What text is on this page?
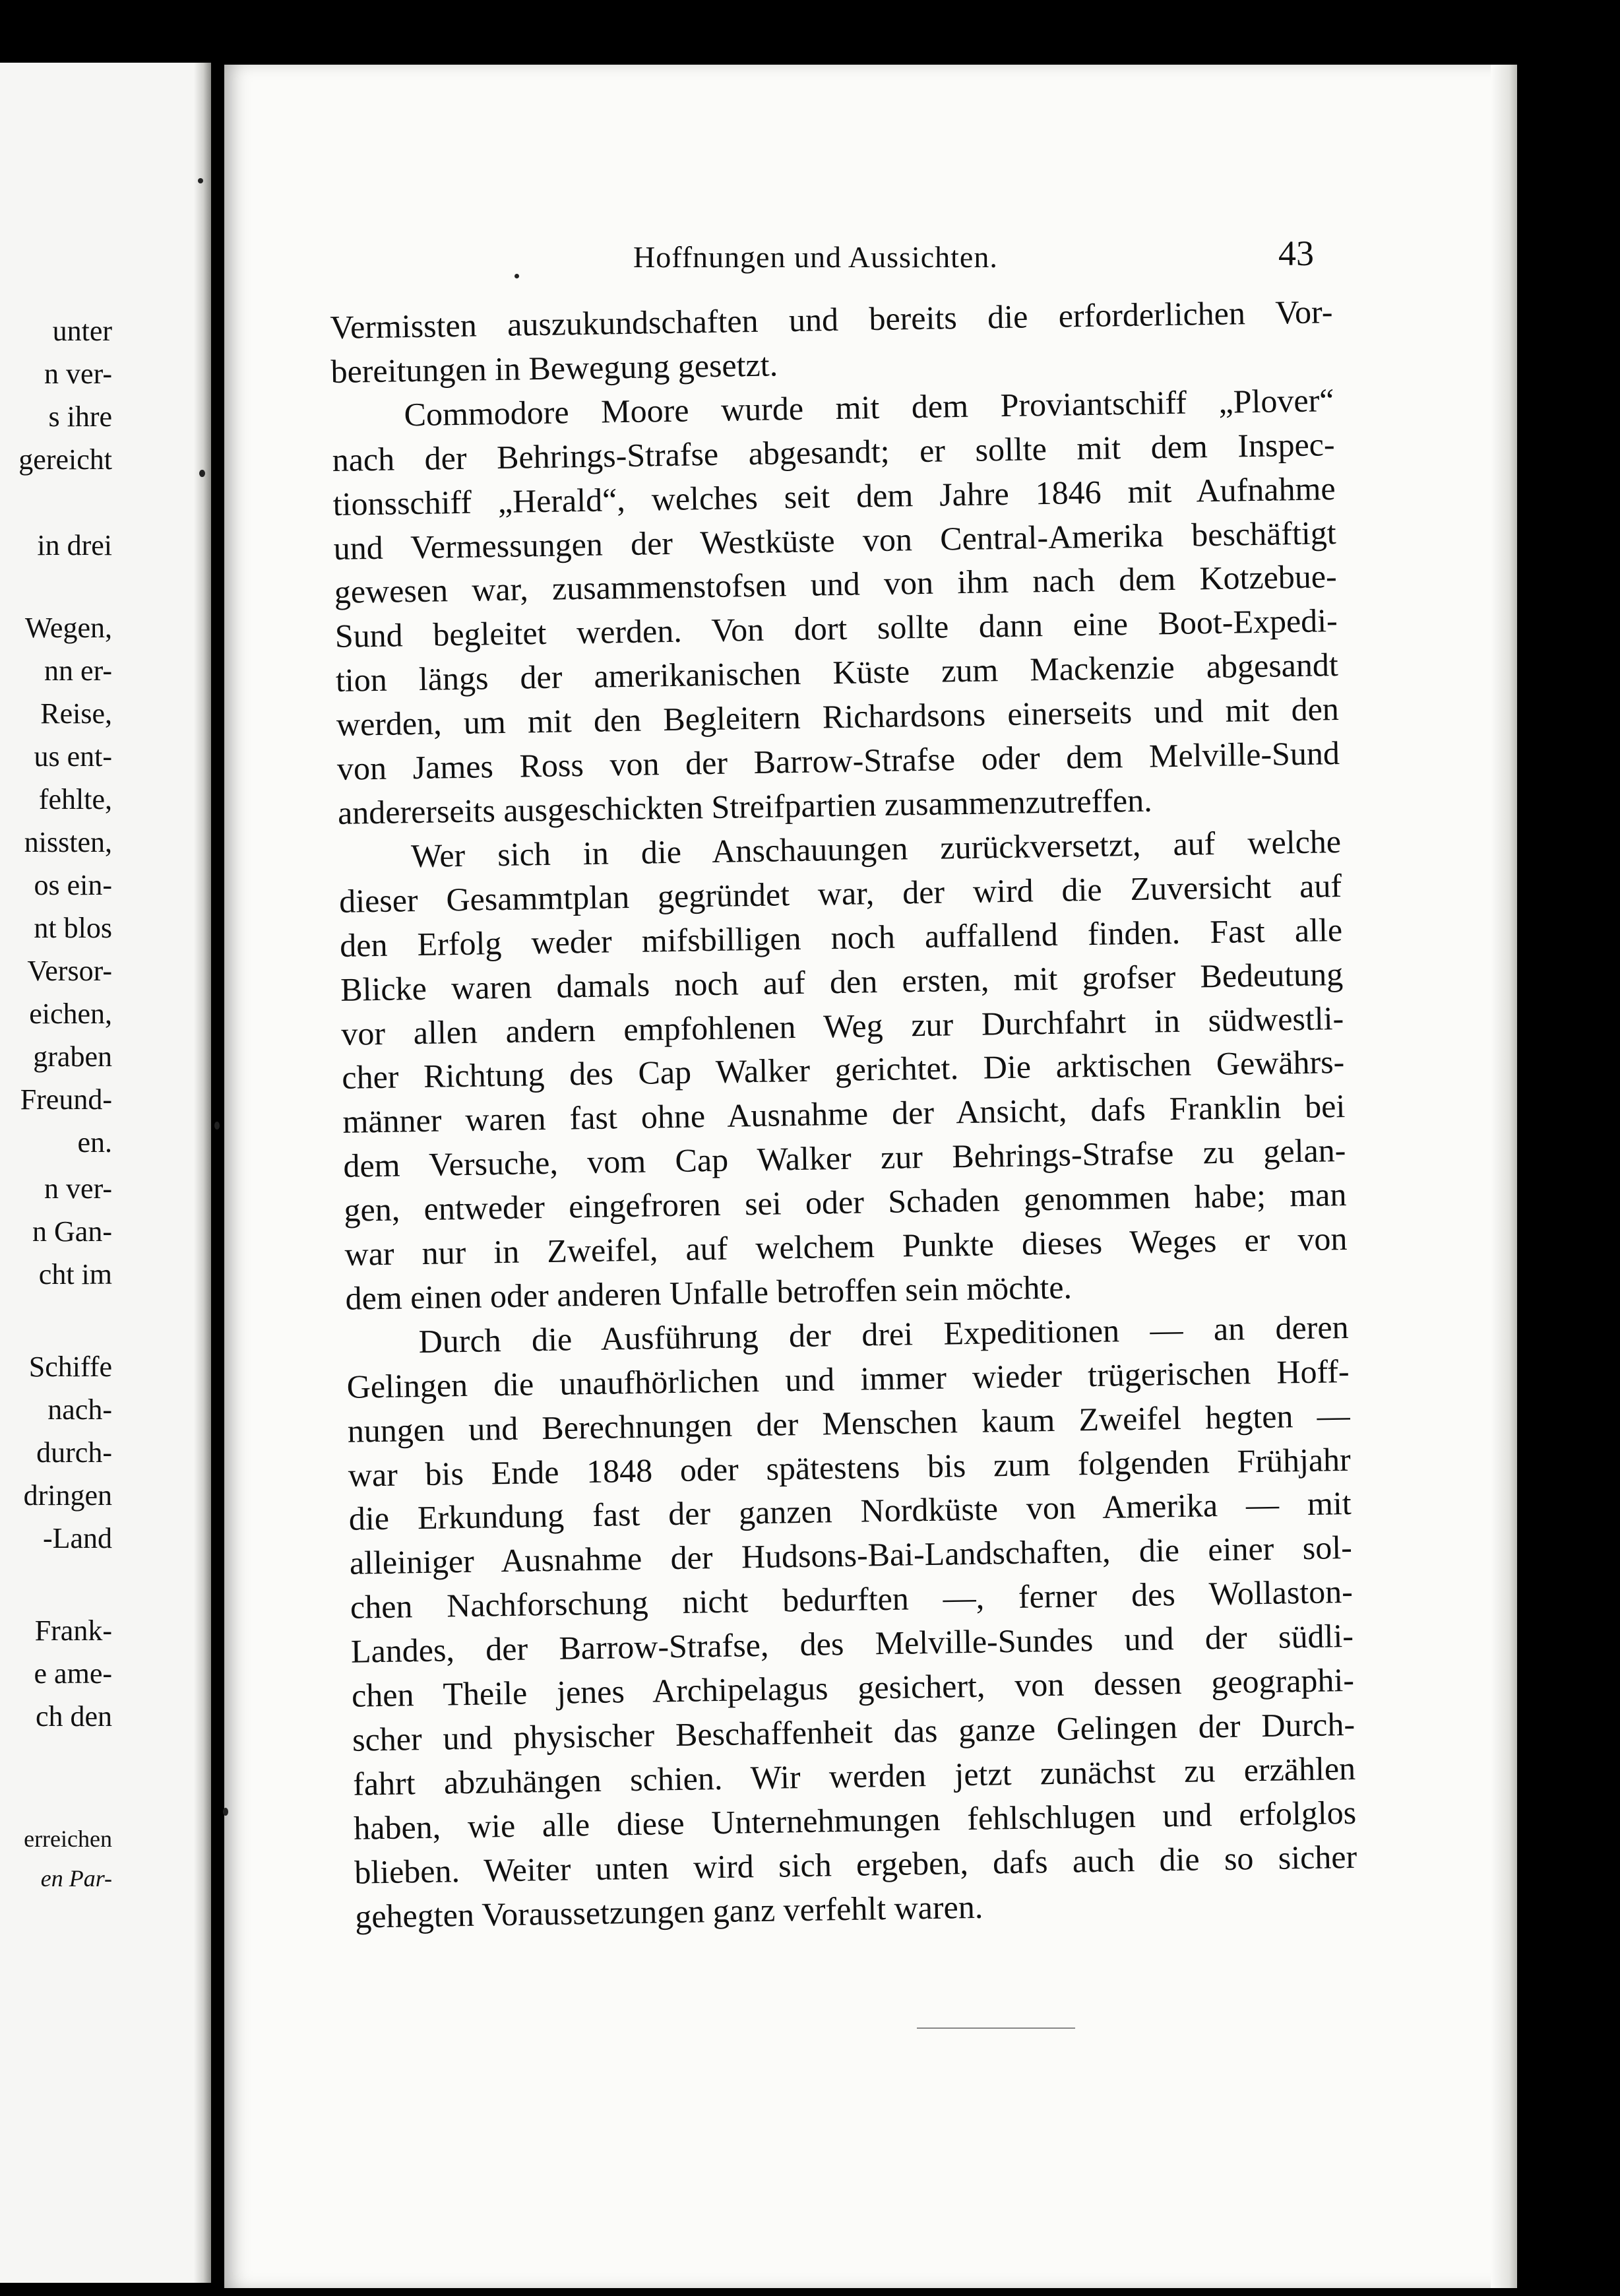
unter
n ver-
s ihre
gereicht
in drei
Wegen,
nn er-
Reise,
us ent-
fehlte,
nissten,
os ein-
nt blos
Versor-
eichen,
graben
Freund-
en.
n ver-
n Gan-
cht im
Schiffe
nach-
durch-
dringen
-Land
Frank-
e ame-
ch den
erreichen
en Par-
Hoffnungen und Aussichten.	43
Vermissten auszukundschaften und bereits die erforderlichen Vor-
bereitungen in Bewegung gesetzt.
Commodore Moore wurde mit dem Proviantschiff „Plover“
nach der Behrings-Strafse abgesandt; er sollte mit dem Inspec-
tionsschiff „Herald“, welches seit dem Jahre 1846 mit Aufnahme
und Vermessungen der Westküste von Central-Amerika beschäftigt
gewesen war, zusammenstofsen und von ihm nach dem Kotzebue-
Sund begleitet werden. Von dort sollte dann eine Boot-Expedi-
tion längs der amerikanischen Küste zum Mackenzie abgesandt
werden, um mit den Begleitern Richardsons einerseits und mit den
von James Ross von der Barrow-Strafse oder dem Melville-Sund
andererseits ausgeschickten Streifpartien zusammenzutreffen.
Wer sich in die Anschauungen zurückversetzt, auf welche
dieser Gesammtplan gegründet war, der wird die Zuversicht auf
den Erfolg weder mifsbilligen noch auffallend finden. Fast alle
Blicke waren damals noch auf den ersten, mit grofser Bedeutung
vor allen andern empfohlenen Weg zur Durchfahrt in südwestli-
cher Richtung des Cap Walker gerichtet. Die arktischen Gewährs-
männer waren fast ohne Ausnahme der Ansicht, dafs Franklin bei
dem Versuche, vom Cap Walker zur Behrings-Strafse zu gelan-
gen, entweder eingefroren sei oder Schaden genommen habe; man
war nur in Zweifel, auf welchem Punkte dieses Weges er von
dem einen oder anderen Unfalle betroffen sein möchte.
Durch die Ausführung der drei Expeditionen — an deren
Gelingen die unaufhörlichen und immer wieder trügerischen Hoff-
nungen und Berechnungen der Menschen kaum Zweifel hegten —
war bis Ende 1848 oder spätestens bis zum folgenden Frühjahr
die Erkundung fast der ganzen Nordküste von Amerika — mit
alleiniger Ausnahme der Hudsons-Bai-Landschaften, die einer sol-
chen Nachforschung nicht bedurften —, ferner des Wollaston-
Landes, der Barrow-Strafse, des Melville-Sundes und der südli-
chen Theile jenes Archipelagus gesichert, von dessen geographi-
scher und physischer Beschaffenheit das ganze Gelingen der Durch-
fahrt abzuhängen schien. Wir werden jetzt zunächst zu erzählen
haben, wie alle diese Unternehmungen fehlschlugen und erfolglos
blieben. Weiter unten wird sich ergeben, dafs auch die so sicher
gehegten Voraussetzungen ganz verfehlt waren.
